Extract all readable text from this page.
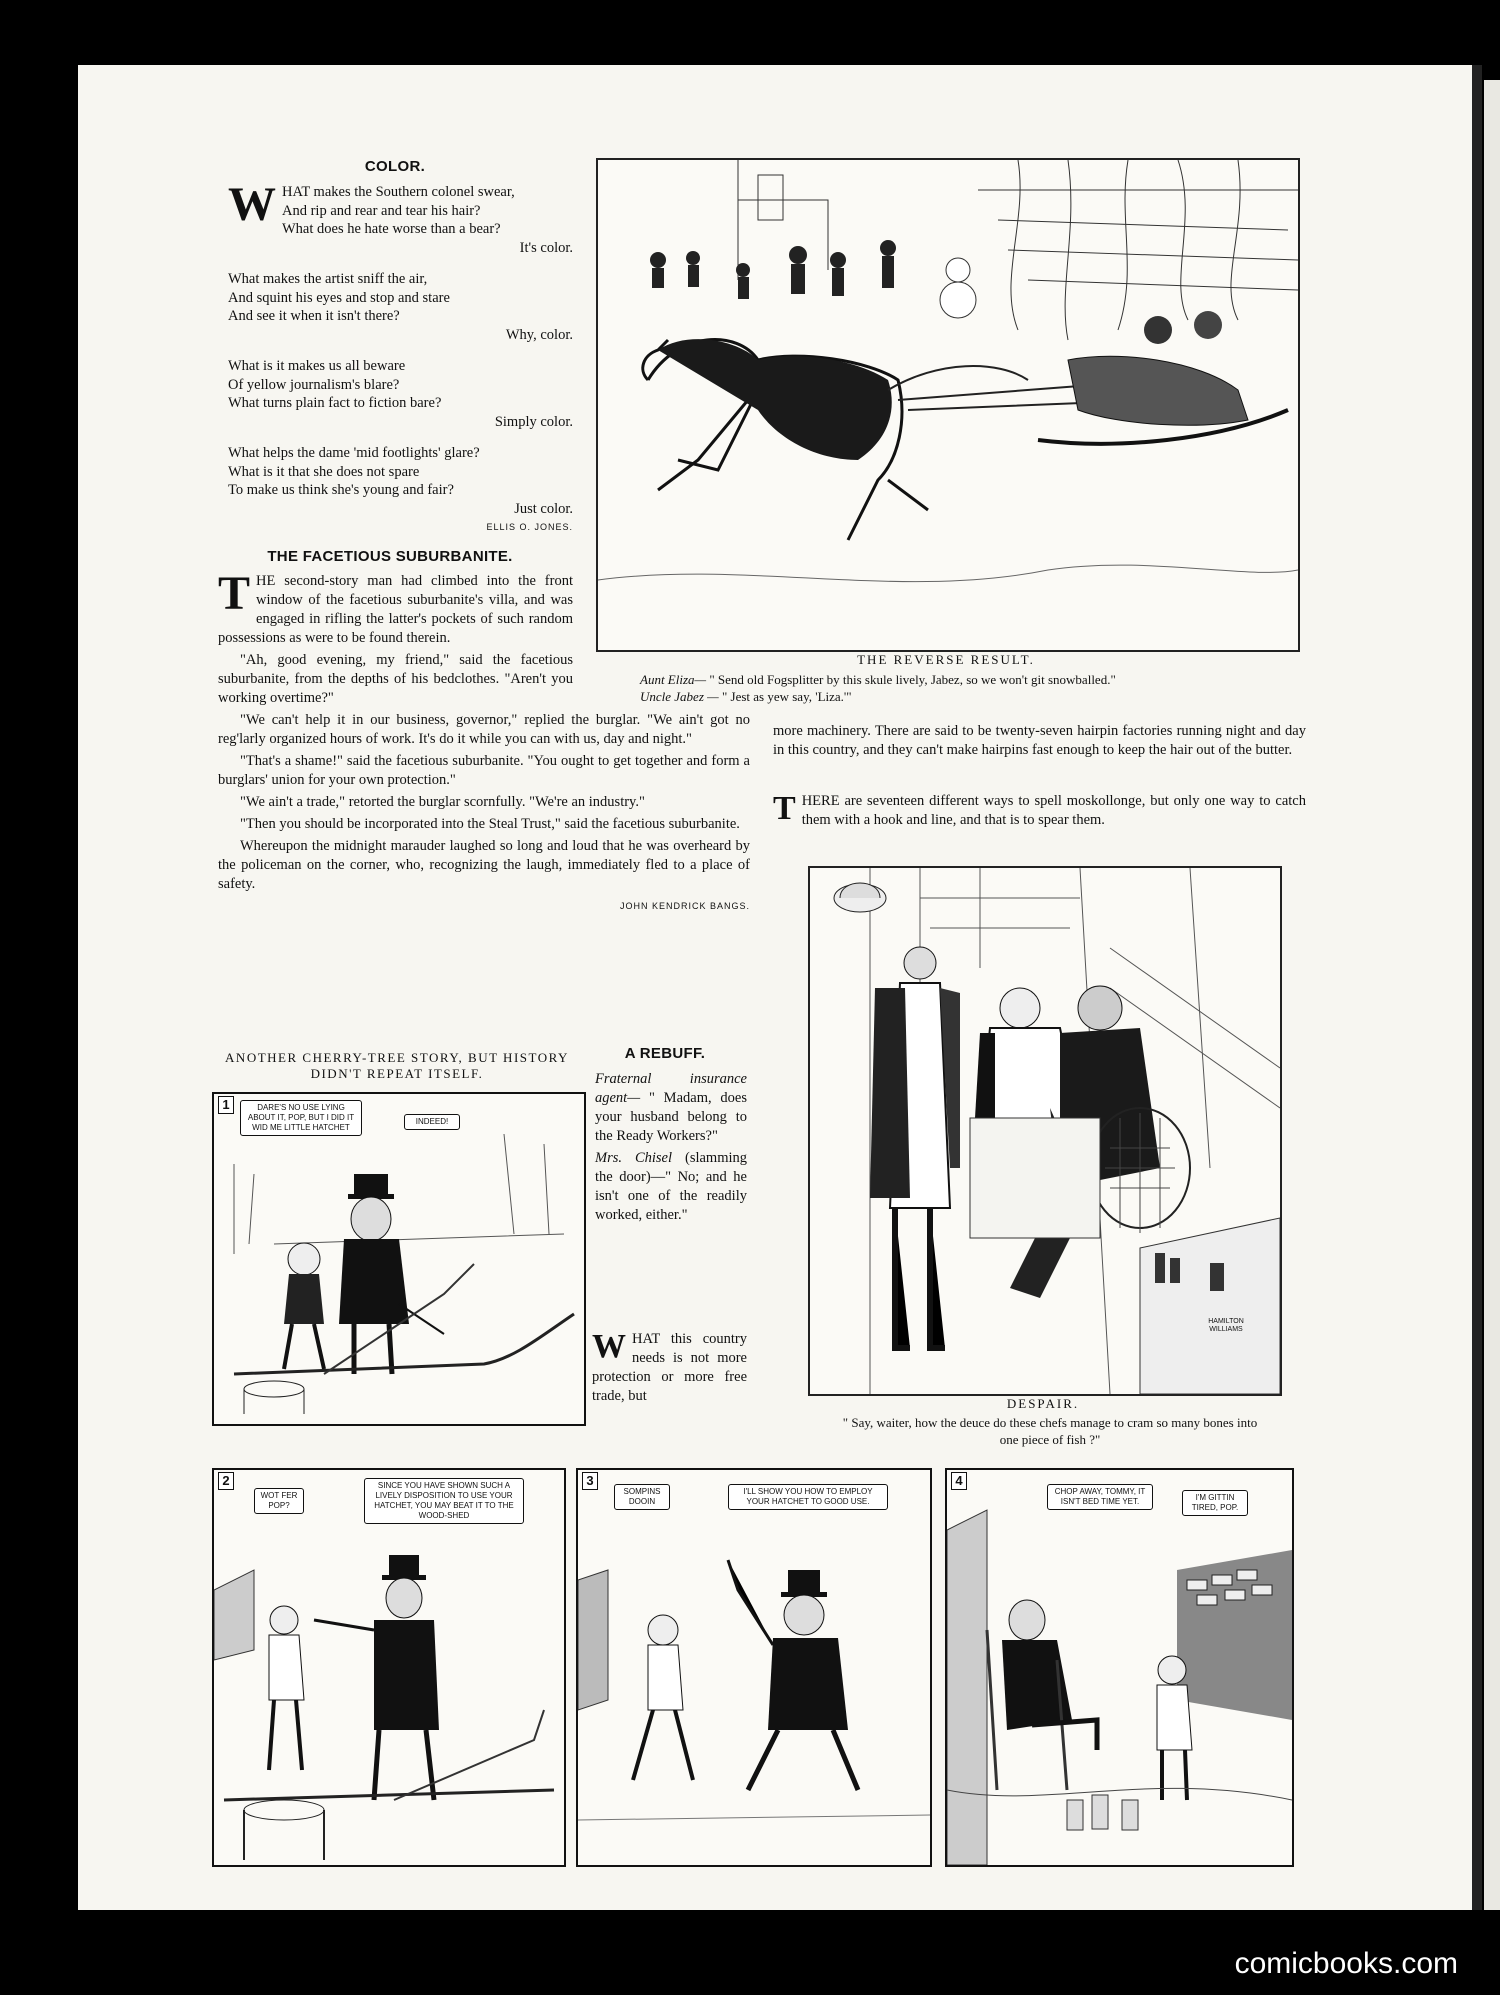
COLOR.
W HAT makes the Southern colonel swear,
And rip and rear and tear his hair?
What does he hate worse than a bear?
It's color.
What makes the artist sniff the air,
And squint his eyes and stop and stare
And see it when it isn't there?
Why, color.
What is it makes us all beware
Of yellow journalism's blare?
What turns plain fact to fiction bare?
Simply color.
What helps the dame 'mid footlights' glare?
What is it that she does not spare
To make us think she's young and fair?
Just color.
ELLIS O. JONES.
THE REVERSE RESULT.
Aunt Eliza— " Send old Fogsplitter by this skule lively, Jabez, so we won't git snowballed."
Uncle Jabez — " Jest as yew say, 'Liza.'"
THE FACETIOUS SUBURBANITE.

THE second-story man had climbed into the front window of the facetious suburbanite's villa, and was engaged in rifling the latter's pockets of such random possessions as were to be found therein.

"Ah, good evening, my friend," said the facetious suburbanite, from the depths of his bedclothes. "Aren't you working overtime?"

"We can't help it in our business, governor," replied the burglar. "We ain't got no reg'larly organized hours of work. It's do it while you can with us, day and night."

"That's a shame!" said the facetious suburbanite. "You ought to get together and form a burglars' union for your own protection."

"We ain't a trade," retorted the burglar scornfully. "We're an industry."

"Then you should be incorporated into the Steal Trust," said the facetious suburbanite.

Whereupon the midnight marauder laughed so long and loud that he was overheard by the policeman on the corner, who, recognizing the laugh, immediately fled to a place of safety.

JOHN KENDRICK BANGS.
more machinery. There are said to be twenty-seven hairpin factories running night and day in this country, and they can't make hairpins fast enough to keep the hair out of the butter.
THERE are seventeen different ways to spell moskollonge, but only one way to catch them with a hook and line, and that is to spear them.
HAMILTON WILLIAMS
DESPAIR.
" Say, waiter, how the deuce do these chefs manage to cram so many bones into one piece of fish ?"
ANOTHER CHERRY-TREE STORY, BUT HISTORY DIDN'T REPEAT ITSELF.
A REBUFF.

Fraternal insurance agent— " Madam, does your husband belong to the Ready Workers?"

Mrs. Chisel (slamming the door)—" No; and he isn't one of the readily worked, either."

WHAT this country needs is not more protection or more free trade, but
1	DARE'S NO USE LYING ABOUT IT, POP, BUT I DID IT WID ME LITTLE HATCHET
INDEED!
2
WOT FER POP?
SINCE YOU HAVE SHOWN SUCH A LIVELY DISPOSITION TO USE YOUR HATCHET, YOU MAY BEAT IT TO THE WOOD-SHED
3
SOMPINS DOOIN
I'LL SHOW YOU HOW TO EMPLOY YOUR HATCHET TO GOOD USE.
4
CHOP AWAY, TOMMY, IT ISN'T BED TIME YET.	I'M GITTIN TIRED, POP.
comicbooks.com
